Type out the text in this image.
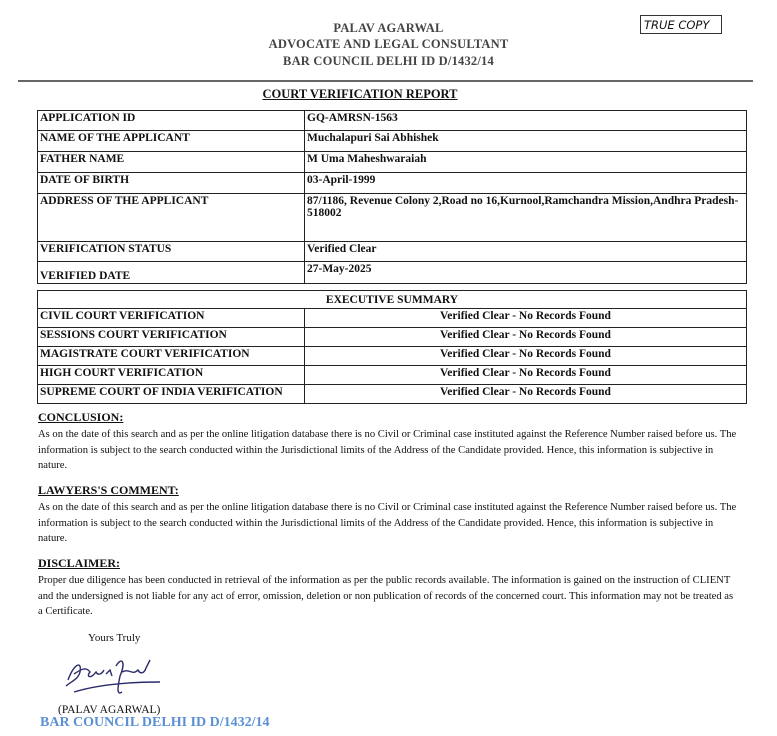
PALAV AGARWAL
ADVOCATE AND LEGAL CONSULTANT
BAR COUNCIL DELHI ID D/1432/14
TRUE COPY
COURT VERIFICATION REPORT
APPLICATION ID	GQ-AMRSN-1563
NAME OF THE APPLICANT	Muchalapuri Sai Abhishek
FATHER NAME	M Uma Maheshwaraiah
DATE OF BIRTH	03-April-1999
ADDRESS OF THE APPLICANT	87/1186, Revenue Colony 2,Road no 16,Kurnool,Ramchandra Mission,Andhra Pradesh-518002
VERIFICATION STATUS	Verified Clear
VERIFIED DATE	27-May-2025
EXECUTIVE SUMMARY	
CIVIL COURT VERIFICATION	Verified Clear - No Records Found
SESSIONS COURT VERIFICATION	Verified Clear - No Records Found
MAGISTRATE COURT VERIFICATION	Verified Clear - No Records Found
HIGH COURT VERIFICATION	Verified Clear - No Records Found
SUPREME COURT OF INDIA VERIFICATION	Verified Clear - No Records Found
CONCLUSION:
As on the date of this search and as per the online litigation database there is no Civil or Criminal case instituted against the Reference Number raised before us. The information is subject to the search conducted within the Jurisdictional limits of the Address of the Candidate provided. Hence, this information is subjective in nature.
LAWYERS'S COMMENT:
As on the date of this search and as per the online litigation database there is no Civil or Criminal case instituted against the Reference Number raised before us. The information is subject to the search conducted within the Jurisdictional limits of the Address of the Candidate provided. Hence, this information is subjective in nature.
DISCLAIMER:
Proper due diligence has been conducted in retrieval of the information as per the public records available. The information is gained on the instruction of CLIENT and the undersigned is not liable for any act of error, omission, deletion or non publication of records of the concerned court. This information may not be treated as a Certificate.
Yours Truly
(PALAV AGARWAL)
BAR COUNCIL DELHI ID D/1432/14
